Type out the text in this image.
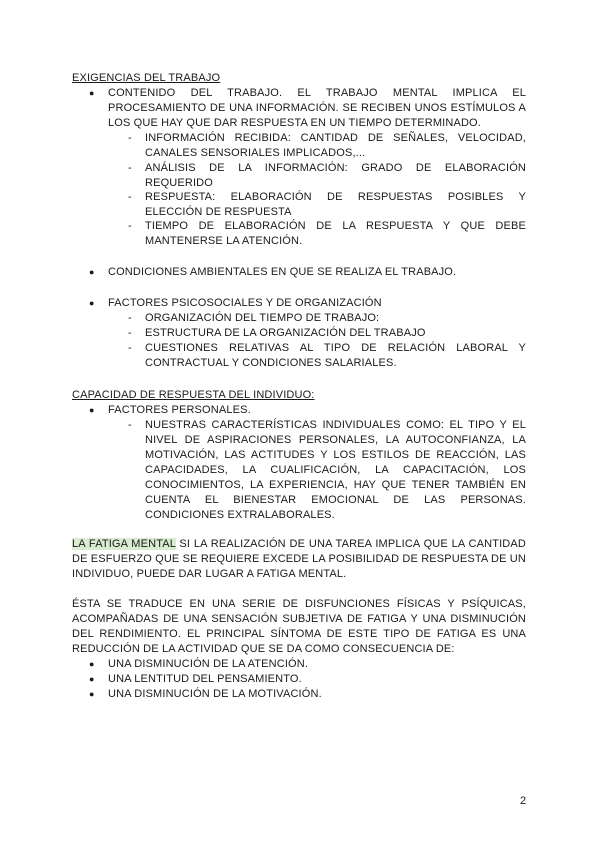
EXIGENCIAS DEL TRABAJO
● CONTENIDO DEL TRABAJO. EL TRABAJO MENTAL IMPLICA EL PROCESAMIENTO DE UNA INFORMACIÓN. SE RECIBEN UNOS ESTÍMULOS A LOS QUE HAY QUE DAR RESPUESTA EN UN TIEMPO DETERMINADO.
- INFORMACIÓN RECIBIDA: CANTIDAD DE SEÑALES, VELOCIDAD, CANALES SENSORIALES IMPLICADOS,...
- ANÁLISIS DE LA INFORMACIÓN: GRADO DE ELABORACIÓN REQUERIDO
- RESPUESTA: ELABORACIÓN DE RESPUESTAS POSIBLES Y ELECCIÓN DE RESPUESTA
- TIEMPO DE ELABORACIÓN DE LA RESPUESTA Y QUE DEBE MANTENERSE LA ATENCIÓN.
● CONDICIONES AMBIENTALES EN QUE SE REALIZA EL TRABAJO.
● FACTORES PSICOSOCIALES Y DE ORGANIZACIÓN
- ORGANIZACIÓN DEL TIEMPO DE TRABAJO:
- ESTRUCTURA DE LA ORGANIZACIÓN DEL TRABAJO
- CUESTIONES RELATIVAS AL TIPO DE RELACIÓN LABORAL Y CONTRACTUAL Y CONDICIONES SALARIALES.
CAPACIDAD DE RESPUESTA DEL INDIVIDUO:
● FACTORES PERSONALES.
- NUESTRAS CARACTERÍSTICAS INDIVIDUALES COMO: EL TIPO Y EL NIVEL DE ASPIRACIONES PERSONALES, LA AUTOCONFIANZA, LA MOTIVACIÓN, LAS ACTITUDES Y LOS ESTILOS DE REACCIÓN, LAS CAPACIDADES, LA CUALIFICACIÓN, LA CAPACITACIÓN, LOS CONOCIMIENTOS, LA EXPERIENCIA, HAY QUE TENER TAMBIÉN EN CUENTA EL BIENESTAR EMOCIONAL DE LAS PERSONAS. CONDICIONES EXTRALABORALES.
LA FATIGA MENTAL SI LA REALIZACIÓN DE UNA TAREA IMPLICA QUE LA CANTIDAD DE ESFUERZO QUE SE REQUIERE EXCEDE LA POSIBILIDAD DE RESPUESTA DE UN INDIVIDUO, PUEDE DAR LUGAR A FATIGA MENTAL.
ÉSTA SE TRADUCE EN UNA SERIE DE DISFUNCIONES FÍSICAS Y PSÍQUICAS, ACOMPAÑADAS DE UNA SENSACIÓN SUBJETIVA DE FATIGA Y UNA DISMINUCIÓN DEL RENDIMIENTO. EL PRINCIPAL SÍNTOMA DE ESTE TIPO DE FATIGA ES UNA REDUCCIÓN DE LA ACTIVIDAD QUE SE DA COMO CONSECUENCIA DE:
● UNA DISMINUCIÓN DE LA ATENCIÓN.
● UNA LENTITUD DEL PENSAMIENTO.
● UNA DISMINUCIÓN DE LA MOTIVACIÓN.
2
